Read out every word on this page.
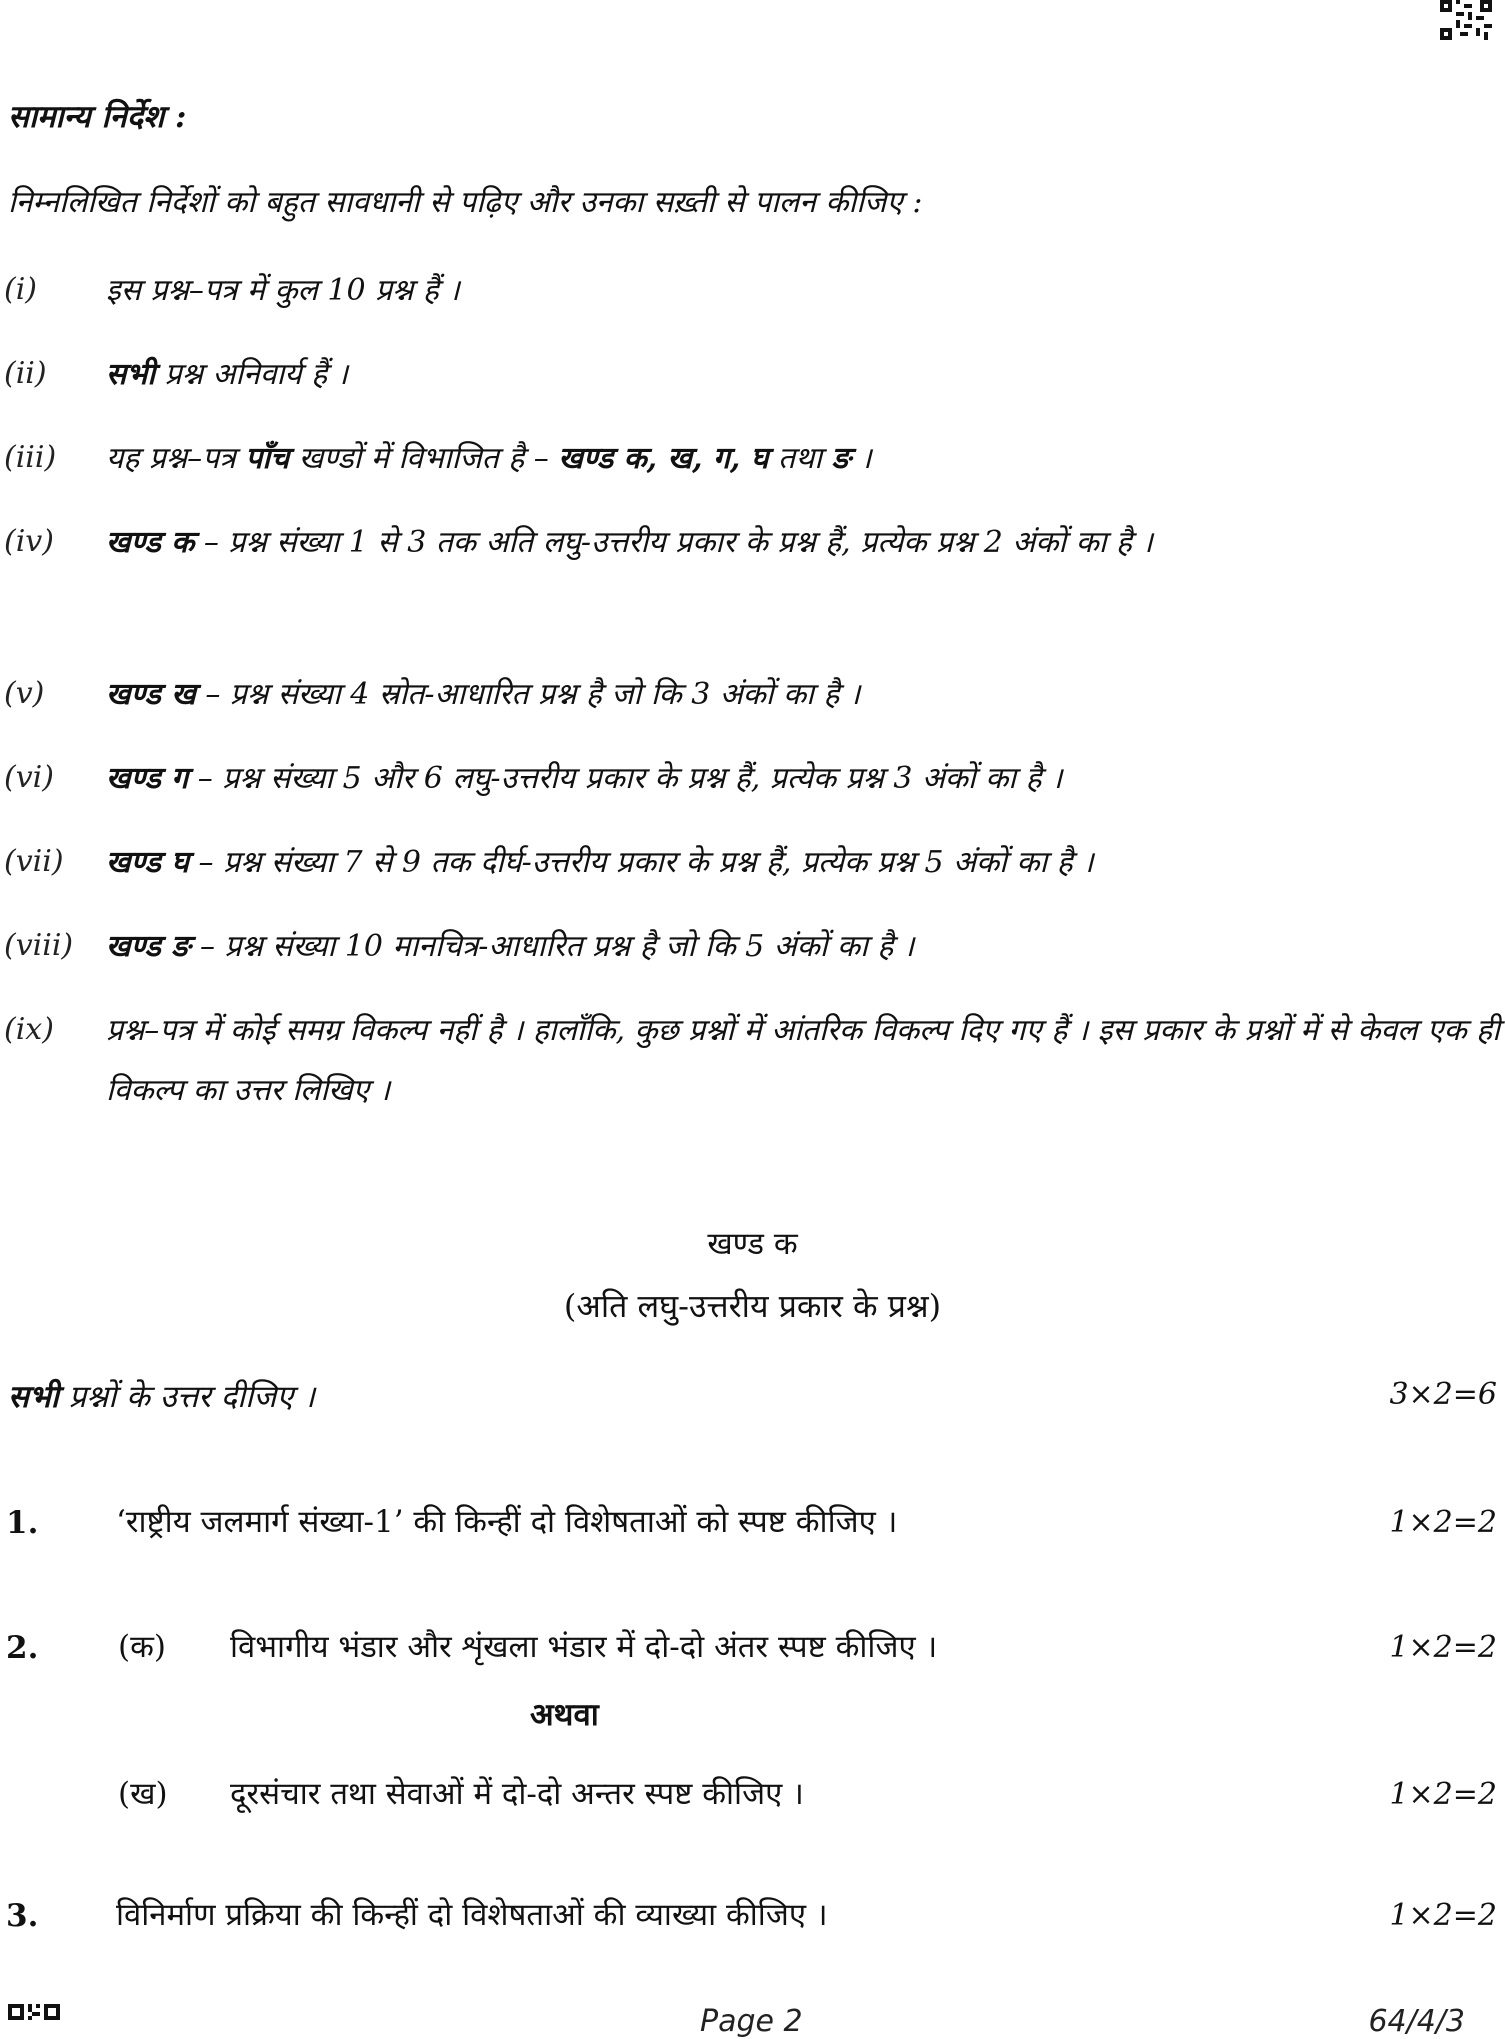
सामान्य निर्देश :
निम्नलिखित निर्देशों को बहुत सावधानी से पढ़िए और उनका सख़्ती से पालन कीजिए :
(i) इस प्रश्न–पत्र में कुल 10 प्रश्न हैं ।
(ii) सभी प्रश्न अनिवार्य हैं ।
(iii) यह प्रश्न–पत्र पाँच खण्डों में विभाजित है – खण्ड क, ख, ग, घ तथा ङ ।
(iv) खण्ड क – प्रश्न संख्या 1 से 3 तक अति लघु-उत्तरीय प्रकार के प्रश्न हैं, प्रत्येक प्रश्न 2 अंकों का है ।
(v) खण्ड ख – प्रश्न संख्या 4 स्रोत-आधारित प्रश्न है जो कि 3 अंकों का है ।
(vi) खण्ड ग – प्रश्न संख्या 5 और 6 लघु-उत्तरीय प्रकार के प्रश्न हैं, प्रत्येक प्रश्न 3 अंकों का है ।
(vii) खण्ड घ – प्रश्न संख्या 7 से 9 तक दीर्घ-उत्तरीय प्रकार के प्रश्न हैं, प्रत्येक प्रश्न 5 अंकों का है ।
(viii) खण्ड ङ – प्रश्न संख्या 10 मानचित्र-आधारित प्रश्न है जो कि 5 अंकों का है ।
(ix) प्रश्न–पत्र में कोई समग्र विकल्प नहीं है । हालाँकि, कुछ प्रश्नों में आंतरिक विकल्प दिए गए हैं । इस प्रकार के प्रश्नों में से केवल एक ही विकल्प का उत्तर लिखिए ।
खण्ड क
(अति लघु-उत्तरीय प्रकार के प्रश्न)
सभी प्रश्नों के उत्तर दीजिए ।	3×2=6
1.	‘राष्ट्रीय जलमार्ग संख्या-1’ की किन्हीं दो विशेषताओं को स्पष्ट कीजिए ।	1×2=2
2.	(क) विभागीय भंडार और शृंखला भंडार में दो-दो अंतर स्पष्ट कीजिए ।	1×2=2
अथवा
(ख) दूरसंचार तथा सेवाओं में दो-दो अन्तर स्पष्ट कीजिए ।	1×2=2
3.	विनिर्माण प्रक्रिया की किन्हीं दो विशेषताओं की व्याख्या कीजिए ।	1×2=2
Page 2	64/4/3
